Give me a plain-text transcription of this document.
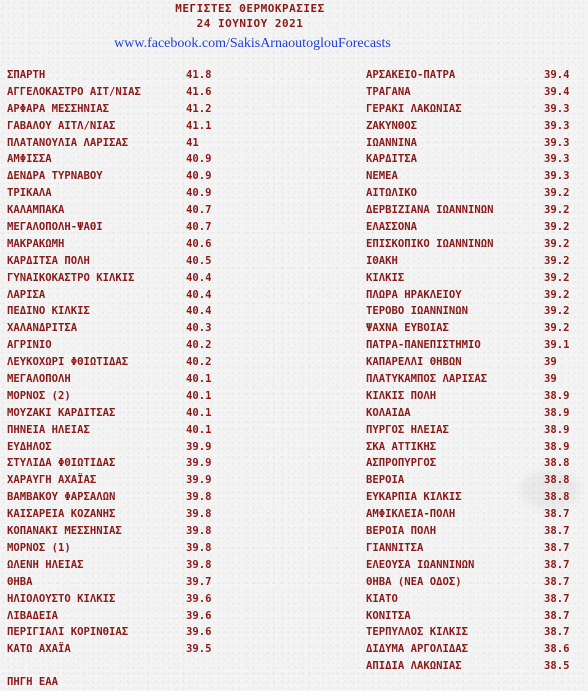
ΜΕΓΙΣΤΕΣ ΘΕΡΜΟΚΡΑΣΙΕΣ
24 ΙΟΥΝΙΟΥ 2021
www.facebook.com/SakisArnaoutoglouForecasts
ΣΠΑΡΤΗ	41.8
ΑΓΓΕΛΟΚΑΣΤΡΟ ΑΙΤ/ΝΙΑΣ	41.6
ΑΡΦΑΡΑ ΜΕΣΣΗΝΙΑΣ	41.2
ΓΑΒΑΛΟΥ ΑΙΤΛ/ΝΙΑΣ	41.1
ΠΛΑΤΑΝΟΥΛΙΑ ΛΑΡΙΣΑΣ	41
ΑΜΦΙΣΣΑ	40.9
ΔΕΝΔΡΑ ΤΥΡΝΑΒΟΥ	40.9
ΤΡΙΚΑΛΑ	40.9
ΚΑΛΑΜΠΑΚΑ	40.7
ΜΕΓΑΛΟΠΟΛΗ-ΨΑΘΙ	40.7
ΜΑΚΡΑΚΩΜΗ	40.6
ΚΑΡΔΙΤΣΑ ΠΟΛΗ	40.5
ΓΥΝΑΙΚΟΚΑΣΤΡΟ ΚΙΛΚΙΣ	40.4
ΛΑΡΙΣΑ	40.4
ΠΕΔΙΝΟ ΚΙΛΚΙΣ	40.4
ΧΑΛΑΝΔΡΙΤΣΑ	40.3
ΑΓΡΙΝΙΟ	40.2
ΛΕΥΚΟΧΩΡΙ ΦΘΙΩΤΙΔΑΣ	40.2
ΜΕΓΑΛΟΠΟΛΗ	40.1
ΜΟΡΝΟΣ (2)	40.1
ΜΟΥΖΑΚΙ ΚΑΡΔΙΤΣΑΣ	40.1
ΠΗΝΕΙΑ ΗΛΕΙΑΣ	40.1
ΕΥΔΗΛΟΣ	39.9
ΣΤΥΛΙΔΑ ΦΘΙΩΤΙΔΑΣ	39.9
ΧΑΡΑΥΓΗ ΑΧΑΪΑΣ	39.9
ΒΑΜΒΑΚΟΥ ΦΑΡΣΑΛΩΝ	39.8
ΚΑΙΣΑΡΕΙΑ ΚΟΖΑΝΗΣ	39.8
ΚΟΠΑΝΑΚΙ ΜΕΣΣΗΝΙΑΣ	39.8
ΜΟΡΝΟΣ (1)	39.8
ΩΛΕΝΗ ΗΛΕΙΑΣ	39.8
ΘΗΒΑ	39.7
ΗΛΙΟΛΟΥΣΤΟ ΚΙΛΚΙΣ	39.6
ΛΙΒΑΔΕΙΑ	39.6
ΠΕΡΙΓΙΑΛΙ ΚΟΡΙΝΘΙΑΣ	39.6
ΚΑΤΩ ΑΧΑΪΑ	39.5
ΑΡΣΑΚΕΙΟ-ΠΑΤΡΑ	39.4
ΤΡΑΓΑΝΑ	39.4
ΓΕΡΑΚΙ ΛΑΚΩΝΙΑΣ	39.3
ΖΑΚΥΝΘΟΣ	39.3
ΙΩΑΝΝΙΝΑ	39.3
ΚΑΡΔΙΤΣΑ	39.3
ΝΕΜΕΑ	39.3
ΑΙΤΩΛΙΚΟ	39.2
ΔΕΡΒΙΖΙΑΝΑ ΙΩΑΝΝΙΝΩΝ	39.2
ΕΛΑΣΣΟΝΑ	39.2
ΕΠΙΣΚΟΠΙΚΟ ΙΩΑΝΝΙΝΩΝ	39.2
ΙΘΑΚΗ	39.2
ΚΙΛΚΙΣ	39.2
ΠΛΩΡΑ ΗΡΑΚΛΕΙΟΥ	39.2
ΤΕΡΟΒΟ ΙΩΑΝΝΙΝΩΝ	39.2
ΨΑΧΝΑ ΕΥΒΟΙΑΣ	39.2
ΠΑΤΡΑ-ΠΑΝΕΠΙΣΤΗΜΙΟ	39.1
ΚΑΠΑΡΕΛΛΙ ΘΗΒΩΝ	39
ΠΛΑΤΥΚΑΜΠΟΣ ΛΑΡΙΣΑΣ	39
ΚΙΛΚΙΣ ΠΟΛΗ	38.9
ΚΟΛΑΙΔΑ	38.9
ΠΥΡΓΟΣ ΗΛΕΙΑΣ	38.9
ΣΚΑ ΑΤΤΙΚΗΣ	38.9
ΑΣΠΡΟΠΥΡΓΟΣ	38.8
ΒΕΡΟΙΑ	38.8
ΕΥΚΑΡΠΙΑ ΚΙΛΚΙΣ	38.8
ΑΜΦΙΚΛΕΙΑ-ΠΟΛΗ	38.7
ΒΕΡΟΙΑ ΠΟΛΗ	38.7
ΓΙΑΝΝΙΤΣΑ	38.7
ΕΛΕΟΥΣΑ ΙΩΑΝΝΙΝΩΝ	38.7
ΘΗΒΑ (ΝΕΑ ΟΔΟΣ)	38.7
ΚΙΑΤΟ	38.7
ΚΟΝΙΤΣΑ	38.7
ΤΕΡΠΥΛΛΟΣ ΚΙΛΚΙΣ	38.7
ΔΙΔΥΜΑ ΑΡΓΟΛΙΔΑΣ	38.6
ΑΠΙΔΙΑ ΛΑΚΩΝΙΑΣ	38.5
ΠΗΓΗ ΕΑΑ
